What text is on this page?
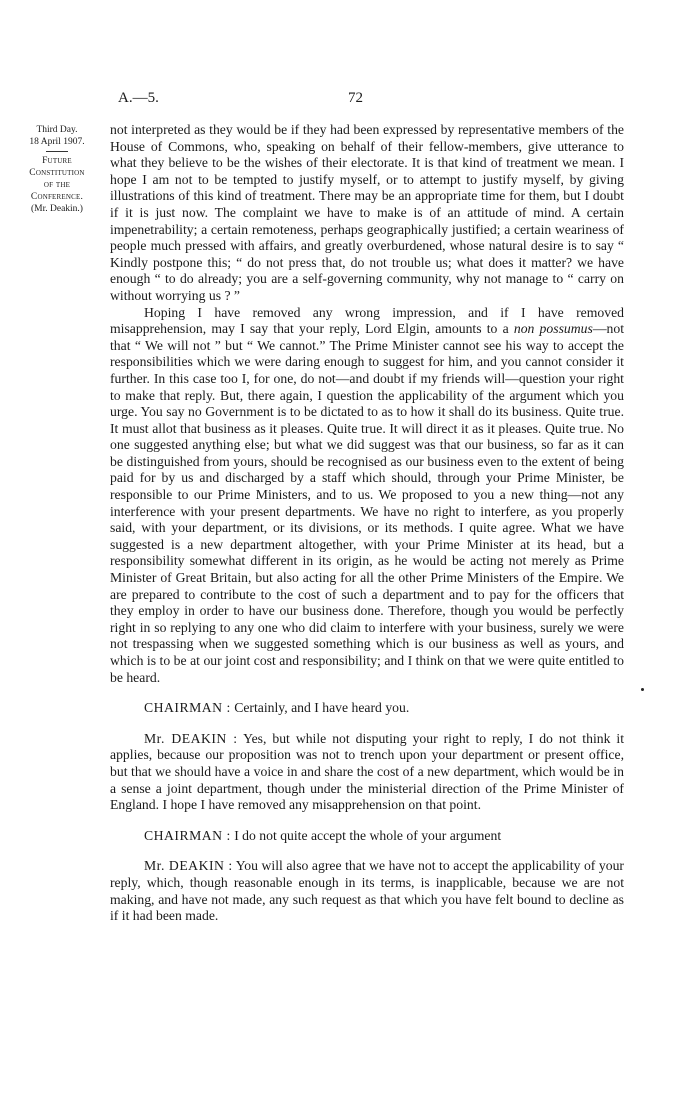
A.—5.	72
Third Day.
18 April 1907.
Future
Constitution
of the
Conference.
(Mr. Deakin.)

not interpreted as they would be if they had been expressed by representative members of the House of Commons, who, speaking on behalf of their fellow-members, give utterance to what they believe to be the wishes of their electorate. It is that kind of treatment we mean. I hope I am not to be tempted to justify myself, or to attempt to justify myself, by giving illustrations of this kind of treatment. There may be an appropriate time for them, but I doubt if it is just now. The complaint we have to make is of an attitude of mind. A certain impenetrability; a certain remoteness, perhaps geographically justified; a certain weariness of people much pressed with affairs, and greatly overburdened, whose natural desire is to say “ Kindly postpone this; “ do not press that, do not trouble us; what does it matter? we have enough “ to do already; you are a self-governing community, why not manage to “ carry on without worrying us ? ”

Hoping I have removed any wrong impression, and if I have removed misapprehension, may I say that your reply, Lord Elgin, amounts to a non possumus—not that “ We will not ” but “ We cannot.” The Prime Minister cannot see his way to accept the responsibilities which we were daring enough to suggest for him, and you cannot consider it further. In this case too I, for one, do not—and doubt if my friends will—question your right to make that reply. But, there again, I question the applicability of the argument which you urge. You say no Government is to be dictated to as to how it shall do its business. Quite true. It must allot that business as it pleases. Quite true. It will direct it as it pleases. Quite true. No one suggested anything else; but what we did suggest was that our business, so far as it can be distinguished from yours, should be recognised as our business even to the extent of being paid for by us and discharged by a staff which should, through your Prime Minister, be responsible to our Prime Ministers, and to us. We proposed to you a new thing—not any interference with your present departments. We have no right to interfere, as you properly said, with your department, or its divisions, or its methods. I quite agree. What we have suggested is a new department altogether, with your Prime Minister at its head, but a responsibility somewhat different in its origin, as he would be acting not merely as Prime Minister of Great Britain, but also acting for all the other Prime Ministers of the Empire. We are prepared to contribute to the cost of such a department and to pay for the officers that they employ in order to have our business done. Therefore, though you would be perfectly right in so replying to any one who did claim to interfere with your business, surely we were not trespassing when we suggested something which is our business as well as yours, and which is to be at our joint cost and responsibility; and I think on that we were quite entitled to be heard.

CHAIRMAN : Certainly, and I have heard you.

Mr. DEAKIN : Yes, but while not disputing your right to reply, I do not think it applies, because our proposition was not to trench upon your department or present office, but that we should have a voice in and share the cost of a new department, which would be in a sense a joint department, though under the ministerial direction of the Prime Minister of England. I hope I have removed any misapprehension on that point.

CHAIRMAN : I do not quite accept the whole of your argument

Mr. DEAKIN : You will also agree that we have not to accept the applicability of your reply, which, though reasonable enough in its terms, is inapplicable, because we are not making, and have not made, any such request as that which you have felt bound to decline as if it had been made.
